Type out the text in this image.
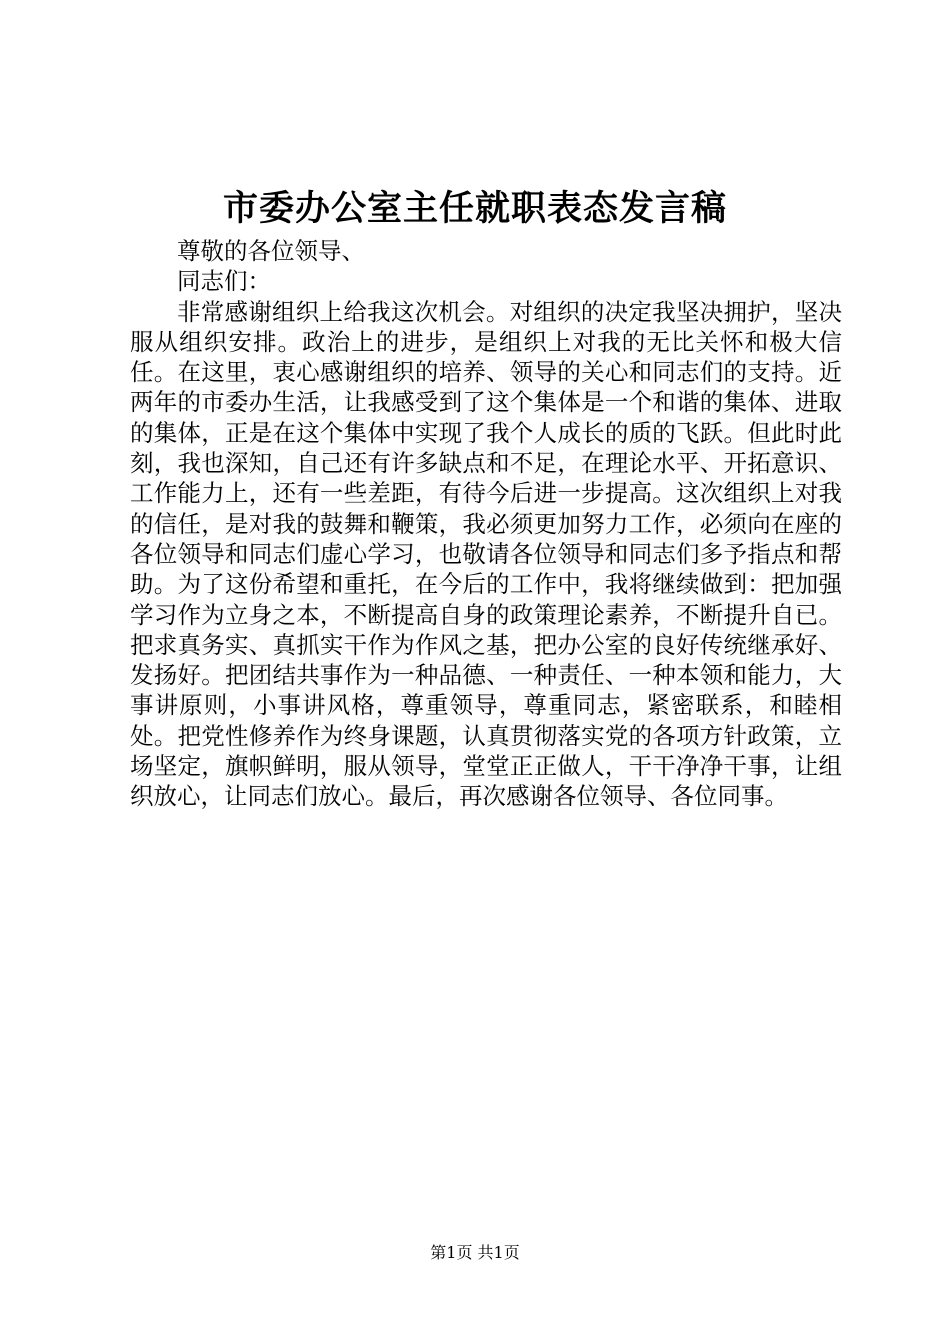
市委办公室主任就职表态发言稿

尊敬的各位领导、

同志们：

非常感谢组织上给我这次机会。对组织的决定我坚决拥护，坚决服从组织安排。政治上的进步，是组织上对我的无比关怀和极大信任。在这里，衷心感谢组织的培养、领导的关心和同志们的支持。近两年的市委办生活，让我感受到了这个集体是一个和谐的集体、进取的集体，正是在这个集体中实现了我个人成长的质的飞跃。但此时此刻，我也深知，自己还有许多缺点和不足，在理论水平、开拓意识、工作能力上，还有一些差距，有待今后进一步提高。这次组织上对我的信任，是对我的鼓舞和鞭策，我必须更加努力工作，必须向在座的各位领导和同志们虚心学习，也敬请各位领导和同志们多予指点和帮助。为了这份希望和重托，在今后的工作中，我将继续做到：把加强学习作为立身之本，不断提高自身的政策理论素养，不断提升自已。把求真务实、真抓实干作为作风之基，把办公室的良好传统继承好、发扬好。把团结共事作为一种品德、一种责任、一种本领和能力，大事讲原则，小事讲风格，尊重领导，尊重同志，紧密联系，和睦相处。把党性修养作为终身课题，认真贯彻落实党的各项方针政策，立场坚定，旗帜鲜明，服从领导，堂堂正正做人，干干净净干事，让组织放心，让同志们放心。最后，再次感谢各位领导、各位同事。

第1页 共1页
